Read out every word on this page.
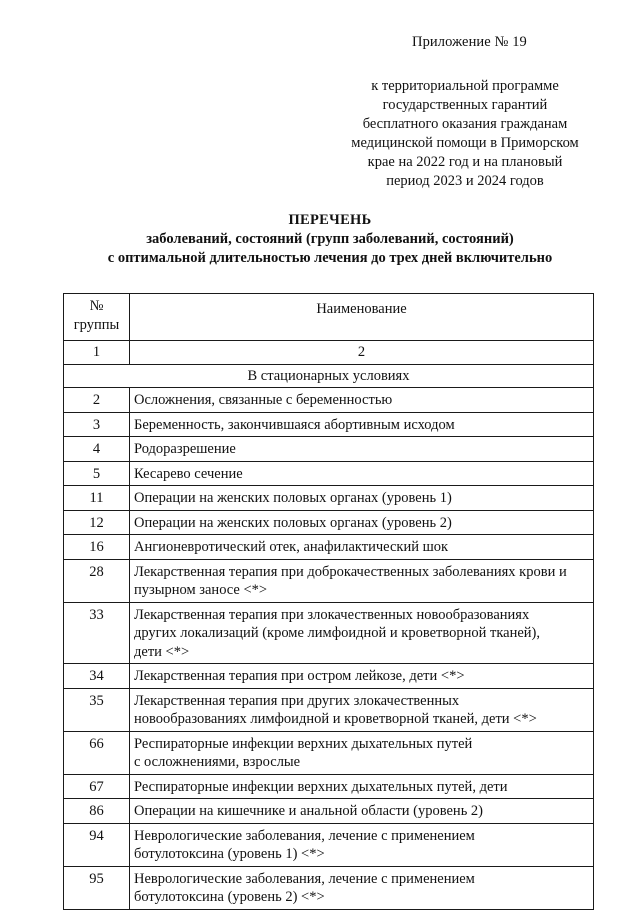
Приложение № 19
к территориальной программе
государственных гарантий
бесплатного оказания гражданам
медицинской помощи в Приморском
крае на 2022 год и на плановый
период 2023 и 2024 годов
ПЕРЕЧЕНЬ
заболеваний, состояний (групп заболеваний, состояний)
с оптимальной длительностью лечения до трех дней включительно
№
группы	Наименование
1	2
В стационарных условиях	
2	Осложнения, связанные с беременностью

3	Беременность, закончившаяся абортивным исходом

4	Родоразрешение

5	Кесарево сечение

11	Операции на женских половых органах (уровень 1)

12	Операции на женских половых органах (уровень 2)

16	Ангионевротический отек, анафилактический шок

28	Лекарственная терапия при доброкачественных заболеваниях крови и
пузырном заносе <*>

33	Лекарственная терапия при злокачественных новообразованиях
других локализаций (кроме лимфоидной и кроветворной тканей),
дети <*>

34	Лекарственная терапия при остром лейкозе, дети <*>

35	Лекарственная терапия при других злокачественных
новообразованиях лимфоидной и кроветворной тканей, дети <*>

66	Респираторные инфекции верхних дыхательных путей
с осложнениями, взрослые

67	Респираторные инфекции верхних дыхательных путей, дети

86	Операции на кишечнике и анальной области (уровень 2)

94	Неврологические заболевания, лечение с применением
ботулотоксина (уровень 1) <*>

95	Неврологические заболевания, лечение с применением
ботулотоксина (уровень 2) <*>
